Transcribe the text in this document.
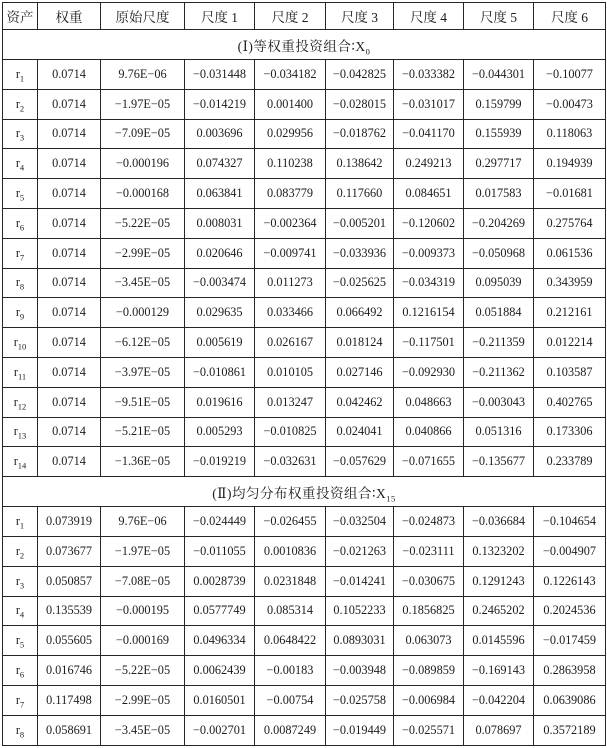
资产	权重	原始尺度	尺度 1	尺度 2	尺度 3	尺度 4	尺度 5	尺度 6
(Ⅰ)等权重投资组合$∶X_0$
$r_1$	0.0714	9.76E−06	−0.031448	−0.034182	−0.042825	−0.033382	−0.044301	−0.10077
$r_2$	0.0714	−1.97E−05	−0.014219	0.001400	−0.028015	−0.031017	0.159799	−0.00473
$r_3$	0.0714	−7.09E−05	0.003696	0.029956	−0.018762	−0.041170	0.155939	0.118063
$r_4$	0.0714	−0.000196	0.074327	0.110238	0.138642	0.249213	0.297717	0.194939
$r_5$	0.0714	−0.000168	0.063841	0.083779	0.117660	0.084651	0.017583	−0.01681
$r_6$	0.0714	−5.22E−05	0.008031	−0.002364	−0.005201	−0.120602	−0.204269	0.275764
$r_7$	0.0714	−2.99E−05	0.020646	−0.009741	−0.033936	−0.009373	−0.050968	0.061536
$r_8$	0.0714	−3.45E−05	−0.003474	0.011273	−0.025625	−0.034319	0.095039	0.343959
$r_9$	0.0714	−0.000129	0.029635	0.033466	0.066492	0.1216154	0.051884	0.212161
$r_{10}$	0.0714	−6.12E−05	0.005619	0.026167	0.018124	−0.117501	−0.211359	0.012214
$r_{11}$	0.0714	−3.97E−05	−0.010861	0.010105	0.027146	−0.092930	−0.211362	0.103587
$r_{12}$	0.0714	−9.51E−05	0.019616	0.013247	0.042462	0.048663	−0.003043	0.402765
$r_{13}$	0.0714	−5.21E−05	0.005293	−0.010825	0.024041	0.040866	0.051316	0.173306
$r_{14}$	0.0714	−1.36E−05	−0.019219	−0.032631	−0.057629	−0.071655	−0.135677	0.233789
(Ⅱ)均匀分布权重投资组合$∶X_{15}$
$r_1$	0.073919	9.76E−06	−0.024449	−0.026455	−0.032504	−0.024873	−0.036684	−0.104654
$r_2$	0.073677	−1.97E−05	−0.011055	0.0010836	−0.021263	−0.023111	0.1323202	−0.004907
$r_3$	0.050857	−7.08E−05	0.0028739	0.0231848	−0.014241	−0.030675	0.1291243	0.1226143
$r_4$	0.135539	−0.000195	0.0577749	0.085314	0.1052233	0.1856825	0.2465202	0.2024536
$r_5$	0.055605	−0.000169	0.0496334	0.0648422	0.0893031	0.063073	0.0145596	−0.017459
$r_6$	0.016746	−5.22E−05	0.0062439	−0.00183	−0.003948	−0.089859	−0.169143	0.2863958
$r_7$	0.117498	−2.99E−05	0.0160501	−0.00754	−0.025758	−0.006984	−0.042204	0.0639086
$r_8$	0.058691	−3.45E−05	−0.002701	0.0087249	−0.019449	−0.025571	0.078697	0.3572189
